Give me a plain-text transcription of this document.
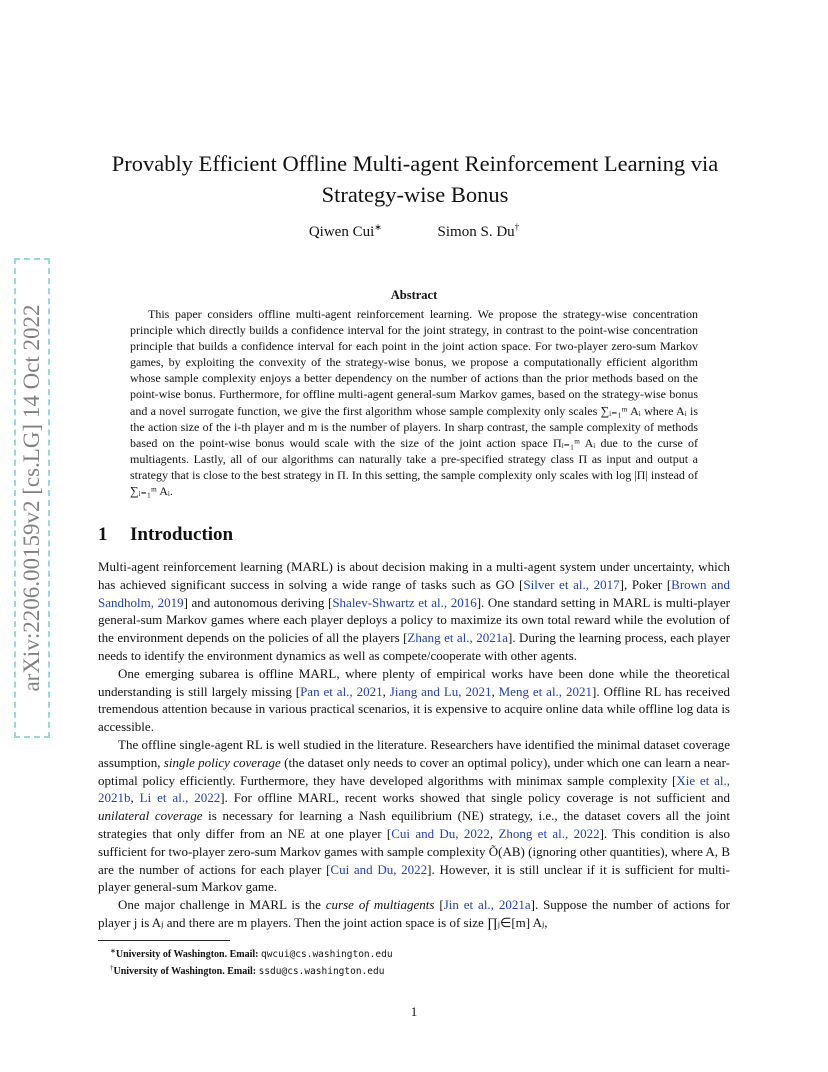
arXiv:2206.00159v2 [cs.LG] 14 Oct 2022
Provably Efficient Offline Multi-agent Reinforcement Learning via Strategy-wise Bonus
Qiwen Cui∗	Simon S. Du†
Abstract

This paper considers offline multi-agent reinforcement learning. We propose the strategy-wise concentration principle which directly builds a confidence interval for the joint strategy, in contrast to the point-wise concentration principle that builds a confidence interval for each point in the joint action space. For two-player zero-sum Markov games, by exploiting the convexity of the strategy-wise bonus, we propose a computationally efficient algorithm whose sample complexity enjoys a better dependency on the number of actions than the prior methods based on the point-wise bonus. Furthermore, for offline multi-agent general-sum Markov games, based on the strategy-wise bonus and a novel surrogate function, we give the first algorithm whose sample complexity only scales ∑ᵢ₌₁ᵐ Aᵢ where Aᵢ is the action size of the i-th player and m is the number of players. In sharp contrast, the sample complexity of methods based on the point-wise bonus would scale with the size of the joint action space Πᵢ₌₁ᵐ Aᵢ due to the curse of multiagents. Lastly, all of our algorithms can naturally take a pre-specified strategy class Π as input and output a strategy that is close to the best strategy in Π. In this setting, the sample complexity only scales with log |Π| instead of ∑ᵢ₌₁ᵐ Aᵢ.

1 Introduction

Multi-agent reinforcement learning (MARL) is about decision making in a multi-agent system under uncertainty, which has achieved significant success in solving a wide range of tasks such as GO [Silver et al., 2017], Poker [Brown and Sandholm, 2019] and autonomous deriving [Shalev-Shwartz et al., 2016]. One standard setting in MARL is multi-player general-sum Markov games where each player deploys a policy to maximize its own total reward while the evolution of the environment depends on the policies of all the players [Zhang et al., 2021a]. During the learning process, each player needs to identify the environment dynamics as well as compete/cooperate with other agents.

One emerging subarea is offline MARL, where plenty of empirical works have been done while the theoretical understanding is still largely missing [Pan et al., 2021, Jiang and Lu, 2021, Meng et al., 2021]. Offline RL has received tremendous attention because in various practical scenarios, it is expensive to acquire online data while offline log data is accessible.

The offline single-agent RL is well studied in the literature. Researchers have identified the minimal dataset coverage assumption, single policy coverage (the dataset only needs to cover an optimal policy), under which one can learn a near-optimal policy efficiently. Furthermore, they have developed algorithms with minimax sample complexity [Xie et al., 2021b, Li et al., 2022]. For offline MARL, recent works showed that single policy coverage is not sufficient and unilateral coverage is necessary for learning a Nash equilibrium (NE) strategy, i.e., the dataset covers all the joint strategies that only differ from an NE at one player [Cui and Du, 2022, Zhong et al., 2022]. This condition is also sufficient for two-player zero-sum Markov games with sample complexity Õ(AB) (ignoring other quantities), where A, B are the number of actions for each player [Cui and Du, 2022]. However, it is still unclear if it is sufficient for multi-player general-sum Markov game.

One major challenge in MARL is the curse of multiagents [Jin et al., 2021a]. Suppose the number of actions for player j is Aⱼ and there are m players. Then the joint action space is of size ∏ⱼ∈[m] Aⱼ,

∗University of Washington. Email: qwcui@cs.washington.edu

†University of Washington. Email: ssdu@cs.washington.edu

1
